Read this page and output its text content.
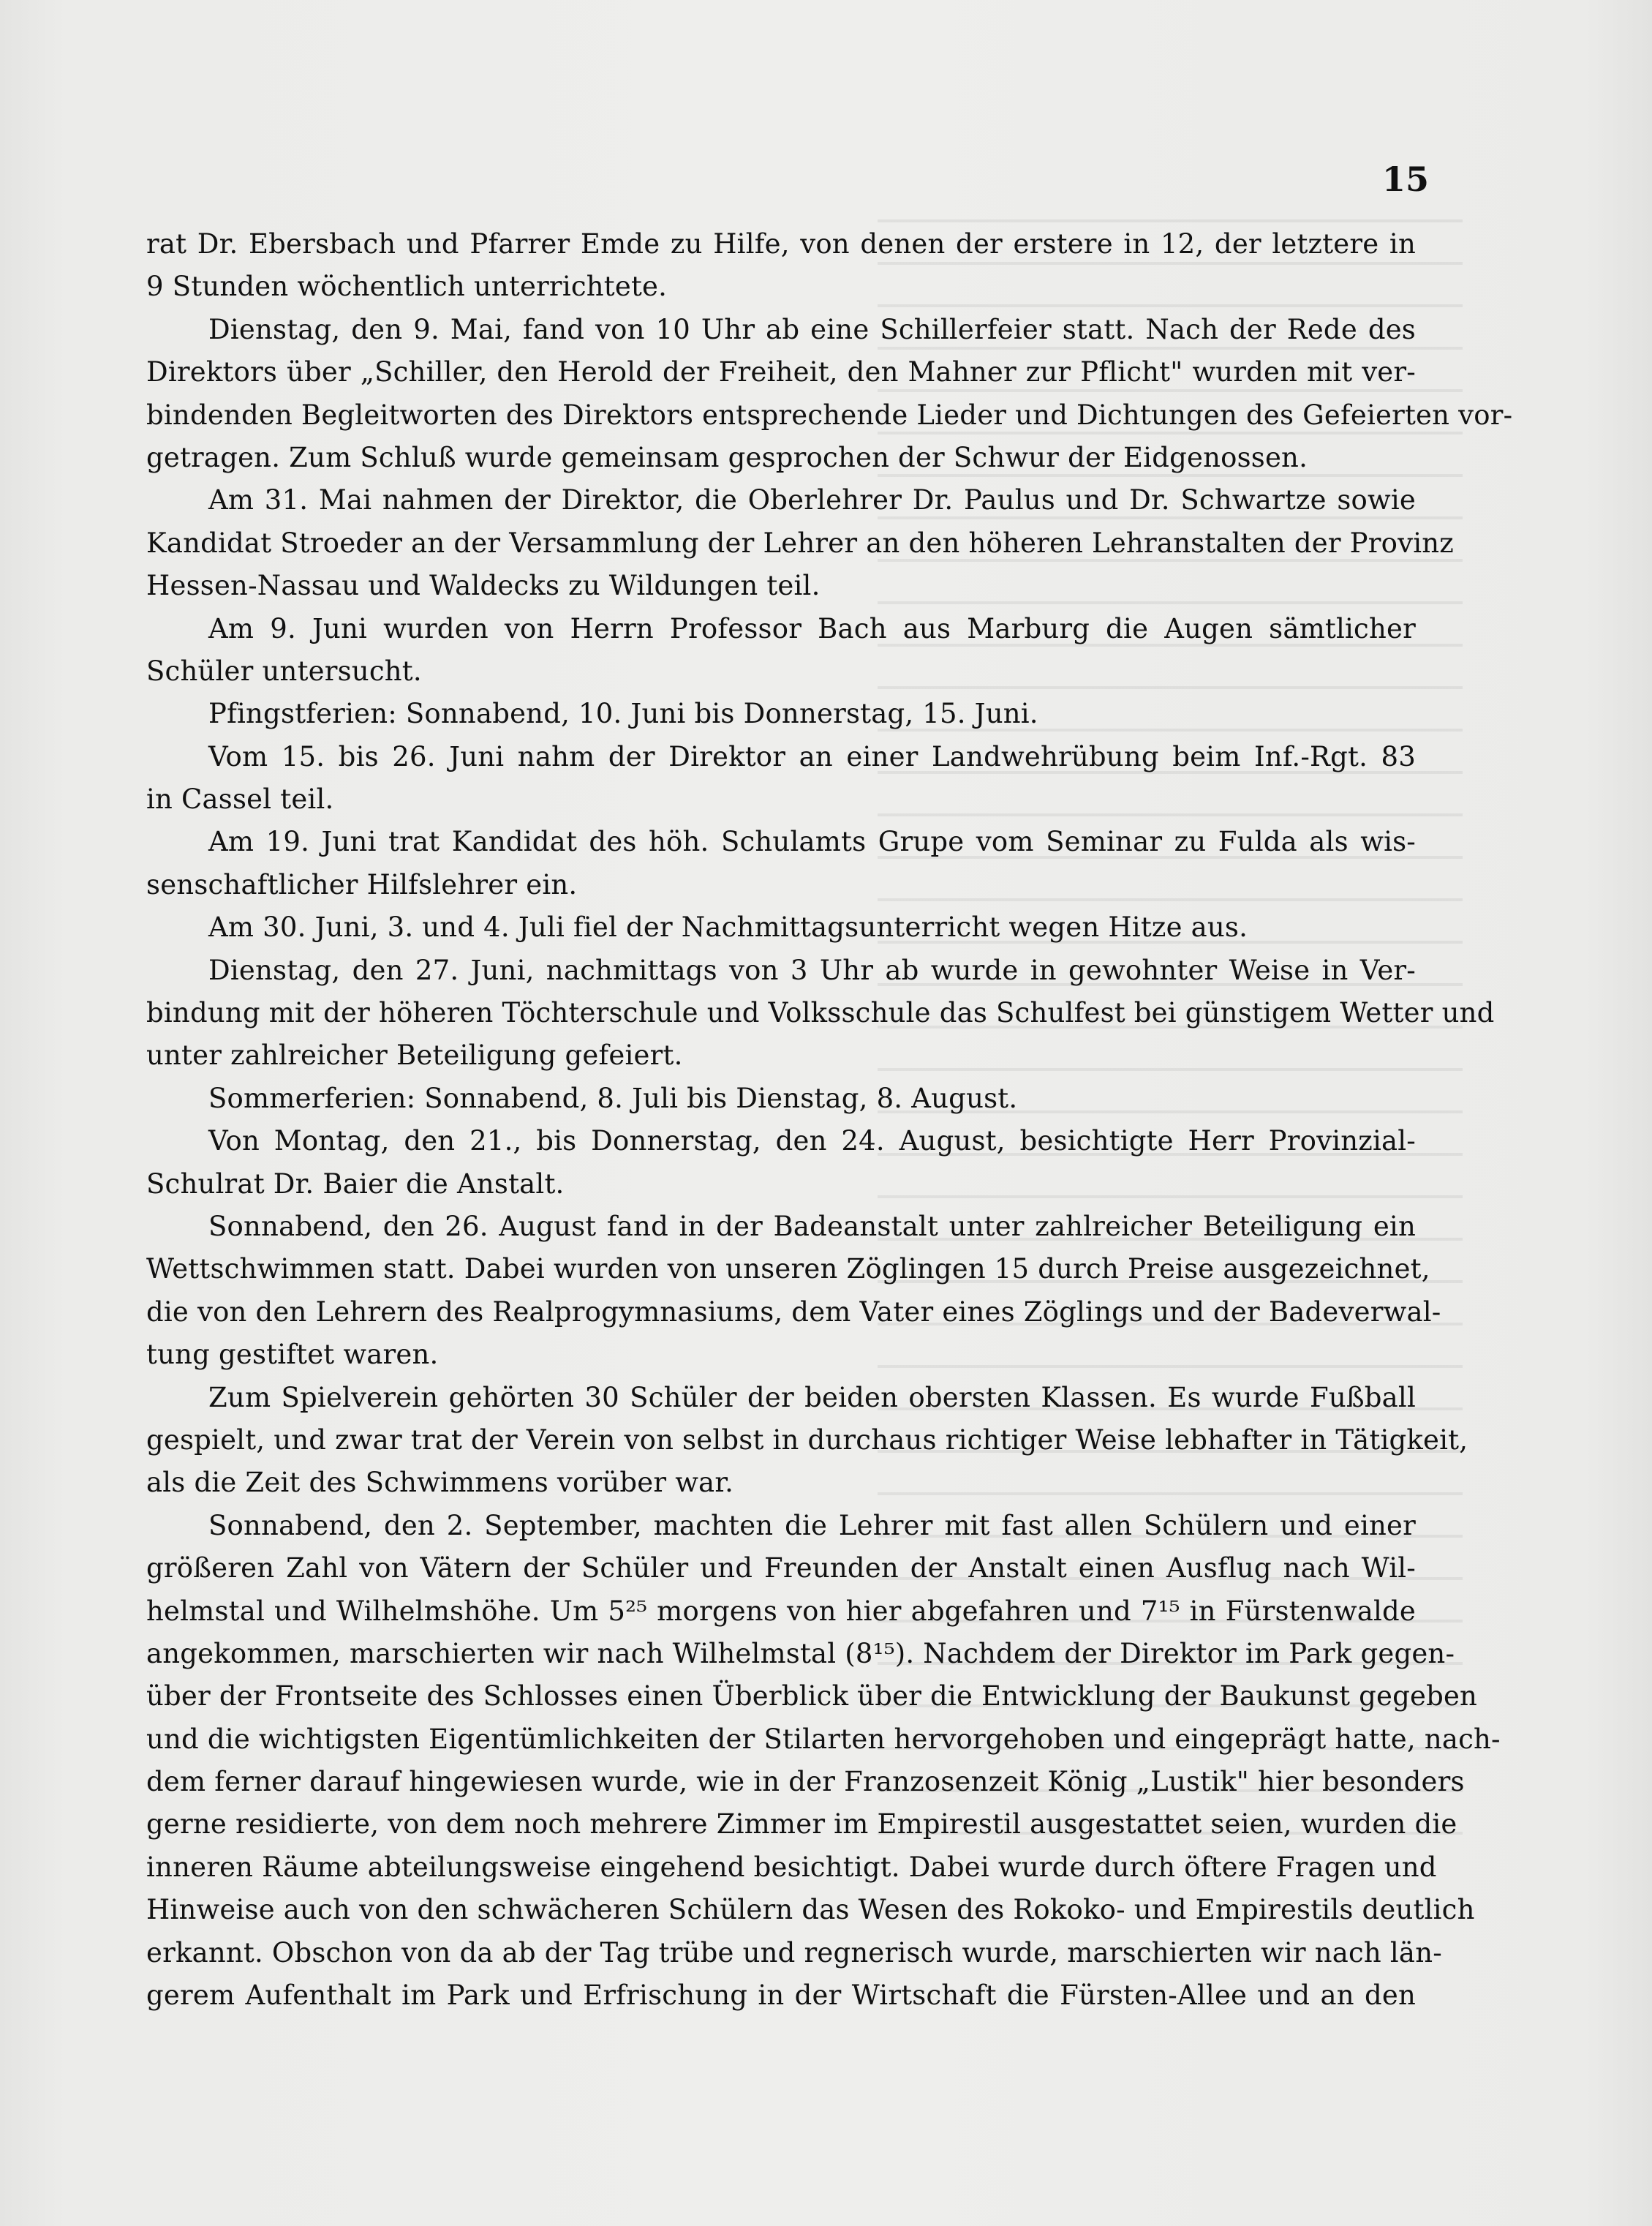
15
rat Dr. Ebersbach und Pfarrer Emde zu Hilfe, von denen der erstere in 12, der letztere in
9 Stunden wöchentlich unterrichtete.
Dienstag, den 9. Mai, fand von 10 Uhr ab eine Schillerfeier statt. Nach der Rede des
Direktors über „Schiller, den Herold der Freiheit, den Mahner zur Pflicht" wurden mit ver-
bindenden Begleitworten des Direktors entsprechende Lieder und Dichtungen des Gefeierten vor-
getragen. Zum Schluß wurde gemeinsam gesprochen der Schwur der Eidgenossen.
Am 31. Mai nahmen der Direktor, die Oberlehrer Dr. Paulus und Dr. Schwartze sowie
Kandidat Stroeder an der Versammlung der Lehrer an den höheren Lehranstalten der Provinz
Hessen-Nassau und Waldecks zu Wildungen teil.
Am 9. Juni wurden von Herrn Professor Bach aus Marburg die Augen sämtlicher
Schüler untersucht.
Pfingstferien: Sonnabend, 10. Juni bis Donnerstag, 15. Juni.
Vom 15. bis 26. Juni nahm der Direktor an einer Landwehrübung beim Inf.-Rgt. 83
in Cassel teil.
Am 19. Juni trat Kandidat des höh. Schulamts Grupe vom Seminar zu Fulda als wis-
senschaftlicher Hilfslehrer ein.
Am 30. Juni, 3. und 4. Juli fiel der Nachmittagsunterricht wegen Hitze aus.
Dienstag, den 27. Juni, nachmittags von 3 Uhr ab wurde in gewohnter Weise in Ver-
bindung mit der höheren Töchterschule und Volksschule das Schulfest bei günstigem Wetter und
unter zahlreicher Beteiligung gefeiert.
Sommerferien: Sonnabend, 8. Juli bis Dienstag, 8. August.
Von Montag, den 21., bis Donnerstag, den 24. August, besichtigte Herr Provinzial-
Schulrat Dr. Baier die Anstalt.
Sonnabend, den 26. August fand in der Badeanstalt unter zahlreicher Beteiligung ein
Wettschwimmen statt. Dabei wurden von unseren Zöglingen 15 durch Preise ausgezeichnet,
die von den Lehrern des Realprogymnasiums, dem Vater eines Zöglings und der Badeverwal-
tung gestiftet waren.
Zum Spielverein gehörten 30 Schüler der beiden obersten Klassen. Es wurde Fußball
gespielt, und zwar trat der Verein von selbst in durchaus richtiger Weise lebhafter in Tätigkeit,
als die Zeit des Schwimmens vorüber war.
Sonnabend, den 2. September, machten die Lehrer mit fast allen Schülern und einer
größeren Zahl von Vätern der Schüler und Freunden der Anstalt einen Ausflug nach Wil-
helmstal und Wilhelmshöhe. Um 5²⁵ morgens von hier abgefahren und 7¹⁵ in Fürstenwalde
angekommen, marschierten wir nach Wilhelmstal (8¹⁵). Nachdem der Direktor im Park gegen-
über der Frontseite des Schlosses einen Überblick über die Entwicklung der Baukunst gegeben
und die wichtigsten Eigentümlichkeiten der Stilarten hervorgehoben und eingeprägt hatte, nach-
dem ferner darauf hingewiesen wurde, wie in der Franzosenzeit König „Lustik" hier besonders
gerne residierte, von dem noch mehrere Zimmer im Empirestil ausgestattet seien, wurden die
inneren Räume abteilungsweise eingehend besichtigt. Dabei wurde durch öftere Fragen und
Hinweise auch von den schwächeren Schülern das Wesen des Rokoko- und Empirestils deutlich
erkannt. Obschon von da ab der Tag trübe und regnerisch wurde, marschierten wir nach län-
gerem Aufenthalt im Park und Erfrischung in der Wirtschaft die Fürsten-Allee und an den
